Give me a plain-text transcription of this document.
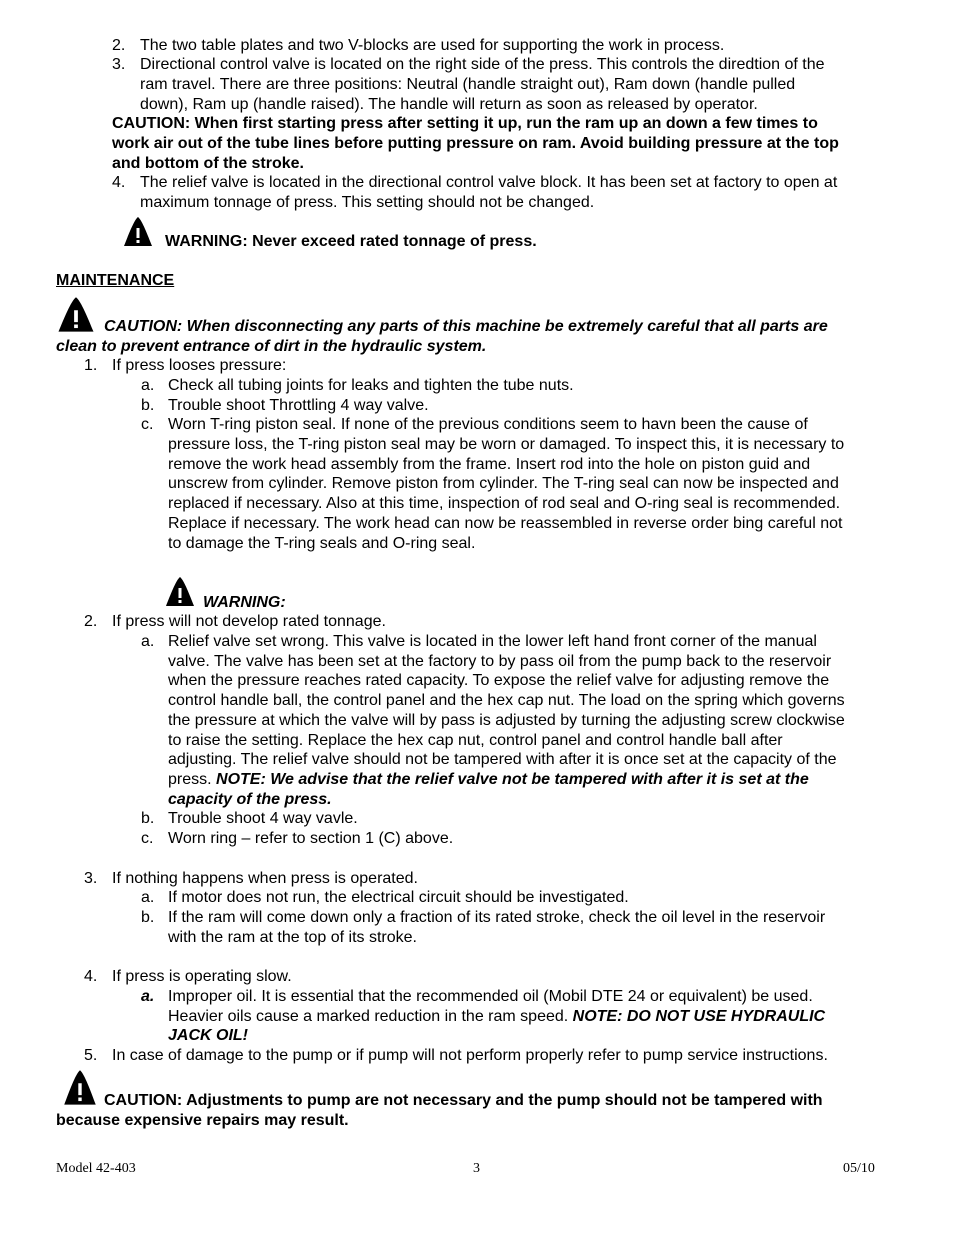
2. The two table plates and two V-blocks are used for supporting the work in process.
3. Directional control valve is located on the right side of the press. This controls the diredtion of the
ram travel. There are three positions: Neutral (handle straight out), Ram down (handle pulled
down), Ram up (handle raised). The handle will return as soon as released by operator.
CAUTION: When first starting press after setting it up, run the ram up an down a few times to
work air out of the tube lines before putting pressure on ram. Avoid building pressure at the top
and bottom of the stroke.
4. The relief valve is located in the directional control valve block. It has been set at factory to open at
maximum tonnage of press. This setting should not be changed.
WARNING: Never exceed rated tonnage of press.
MAINTENANCE
CAUTION: When disconnecting any parts of this machine be extremely careful that all parts are
clean to prevent entrance of dirt in the hydraulic system.
1. If press looses pressure:
a. Check all tubing joints for leaks and tighten the tube nuts.
b. Trouble shoot Throttling 4 way valve.
c. Worn T-ring piston seal. If none of the previous conditions seem to havn been the cause of
pressure loss, the T-ring piston seal may be worn or damaged. To inspect this, it is necessary to
remove the work head assembly from the frame. Insert rod into the hole on piston guid and
unscrew from cylinder. Remove piston from cylinder. The T-ring seal can now be inspected and
replaced if necessary. Also at this time, inspection of rod seal and O-ring seal is recommended.
Replace if necessary. The work head can now be reassembled in reverse order bing careful not
to damage the T-ring seals and O-ring seal.
WARNING:
2. If press will not develop rated tonnage.
a. Relief valve set wrong. This valve is located in the lower left hand front corner of the manual
valve. The valve has been set at the factory to by pass oil from the pump back to the reservoir
when the pressure reaches rated capacity. To expose the relief valve for adjusting remove the
control handle ball, the control panel and the hex cap nut. The load on the spring which governs
the pressure at which the valve will by pass is adjusted by turning the adjusting screw clockwise
to raise the setting. Replace the hex cap nut, control panel and control handle ball after
adjusting. The relief valve should not be tampered with after it is once set at the capacity of the
press. NOTE: We advise that the relief valve not be tampered with after it is set at the
capacity of the press.
b. Trouble shoot 4 way vavle.
c. Worn ring – refer to section 1 (C) above.
3. If nothing happens when press is operated.
a. If motor does not run, the electrical circuit should be investigated.
b. If the ram will come down only a fraction of its rated stroke, check the oil level in the reservoir
with the ram at the top of its stroke.
4. If press is operating slow.
a. Improper oil. It is essential that the recommended oil (Mobil DTE 24 or equivalent) be used.
Heavier oils cause a marked reduction in the ram speed. NOTE: DO NOT USE HYDRAULIC
JACK OIL!
5. In case of damage to the pump or if pump will not perform properly refer to pump service instructions.
CAUTION: Adjustments to pump are not necessary and the pump should not be tampered with
because expensive repairs may result.
Model 42-403	3	05/10
